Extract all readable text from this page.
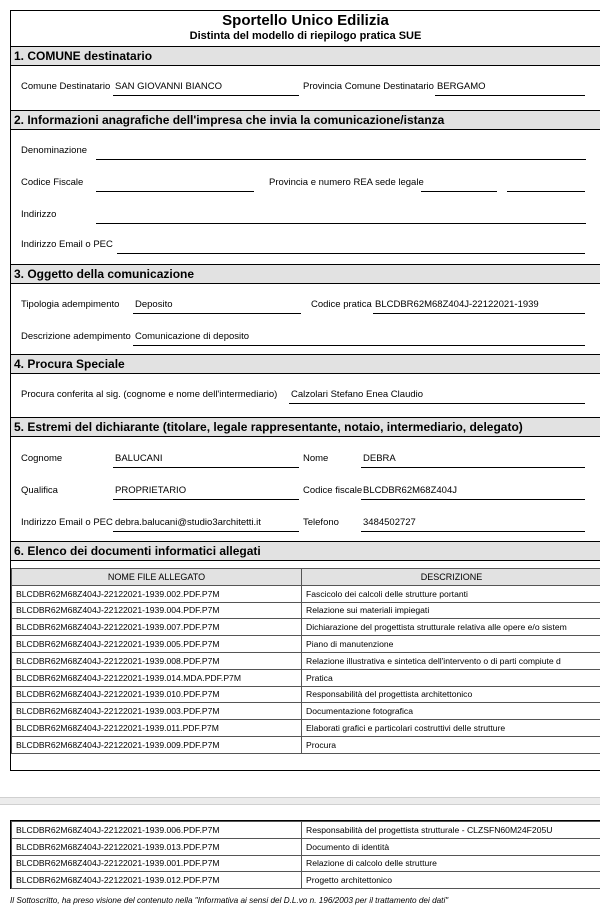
Sportello Unico Edilizia
Distinta del modello di riepilogo pratica SUE
1. COMUNE destinatario
Comune Destinatario SAN GIOVANNI BIANCO	Provincia Comune Destinatario BERGAMO
2. Informazioni anagrafiche dell'impresa che invia la comunicazione/istanza
Denominazione
Codice Fiscale	Provincia e numero REA sede legale
Indirizzo
Indirizzo Email o PEC
3. Oggetto della comunicazione
Tipologia adempimento Deposito	Codice pratica BLCDBR62M68Z404J-22122021-1939
Descrizione adempimento Comunicazione di deposito
4. Procura Speciale
Procura conferita al sig. (cognome e nome dell'intermediario) Calzolari Stefano Enea Claudio
5. Estremi del dichiarante (titolare, legale rappresentante, notaio, intermediario, delegato)
Cognome	BALUCANI	Nome	DEBRA
Qualifica	PROPRIETARIO	Codice fiscale BLCDBR62M68Z404J
Indirizzo Email o PEC debra.balucani@studio3architetti.it	Telefono	3484502727
6. Elenco dei documenti informatici allegati
NOME FILE ALLEGATO	DESCRIZIONE
BLCDBR62M68Z404J-22122021-1939.002.PDF.P7M	Fascicolo dei calcoli delle strutture portanti
BLCDBR62M68Z404J-22122021-1939.004.PDF.P7M	Relazione sui materiali impiegati
BLCDBR62M68Z404J-22122021-1939.007.PDF.P7M	Dichiarazione del progettista strutturale relativa alle opere e/o sistem
BLCDBR62M68Z404J-22122021-1939.005.PDF.P7M	Piano di manutenzione
BLCDBR62M68Z404J-22122021-1939.008.PDF.P7M	Relazione illustrativa e sintetica dell'intervento o di parti compiute d
BLCDBR62M68Z404J-22122021-1939.014.MDA.PDF.P7M	Pratica
BLCDBR62M68Z404J-22122021-1939.010.PDF.P7M	Responsabilità del progettista architettonico
BLCDBR62M68Z404J-22122021-1939.003.PDF.P7M	Documentazione fotografica
BLCDBR62M68Z404J-22122021-1939.011.PDF.P7M	Elaborati grafici e particolari costruttivi delle strutture
BLCDBR62M68Z404J-22122021-1939.009.PDF.P7M	Procura
BLCDBR62M68Z404J-22122021-1939.006.PDF.P7M	Responsabilità del progettista strutturale - CLZSFN60M24F205U
BLCDBR62M68Z404J-22122021-1939.013.PDF.P7M	Documento di identità
BLCDBR62M68Z404J-22122021-1939.001.PDF.P7M	Relazione di calcolo delle strutture
BLCDBR62M68Z404J-22122021-1939.012.PDF.P7M	Progetto architettonico
Il Sottoscritto, ha preso visione del contenuto nella "Informativa ai sensi del D.L.vo n. 196/2003 per il trattamento dei dati"
